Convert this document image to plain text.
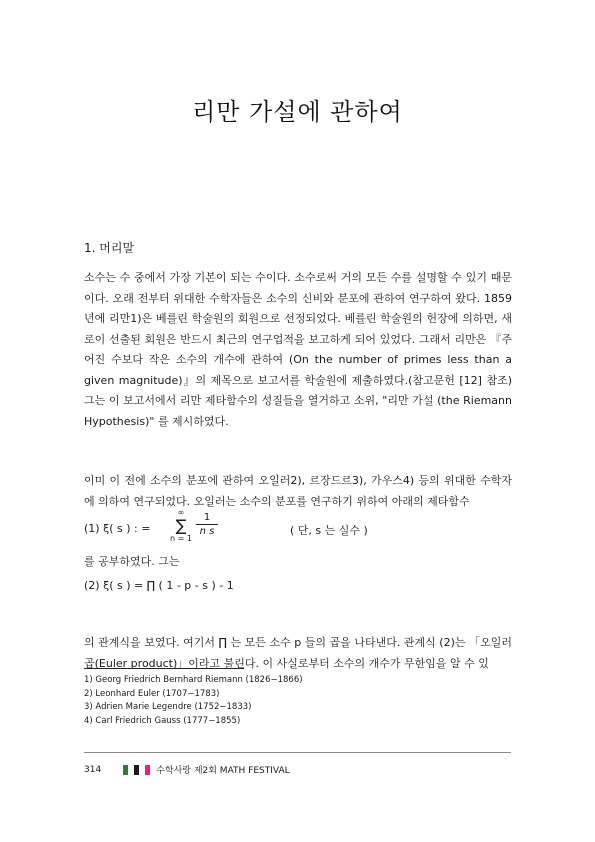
리만 가설에 관하여
1. 머리말

소수는 수 중에서 가장 기본이 되는 수이다. 소수로써 거의 모든 수를 설명할 수 있기 때문이다. 오래 전부터 위대한 수학자들은 소수의 신비와 분포에 관하여 연구하여 왔다. 1859년에 리만1)은 베를린 학술원의 회원으로 선정되었다. 베를린 학술원의 헌장에 의하면, 새로이 선출된 회원은 반드시 최근의 연구업적을 보고하게 되어 있었다. 그래서 리만은 『주어진 수보다 작은 소수의 개수에 관하여 (On the number of primes less than a given magnitude)』의 제목으로 보고서를 학술원에 제출하였다.(참고문헌 [12] 참조) 그는 이 보고서에서 리만 제타함수의 성질들을 열거하고 소위, "리만 가설 (the Riemann Hypothesis)" 를 제시하였다.

이미 이 전에 소수의 분포에 관하여 오일러2), 르장드르3), 가우스4) 등의 위대한 수학자에 의하여 연구되었다. 오일러는 소수의 분포를 연구하기 위하여 아래의 제타함수

(1) ξ( s ) : =
∞
∑
n = 1
$\frac{1}{\text{n s}}$	( 단, s 는 실수 )

를 공부하였다. 그는

(2) ξ( s ) = ∏ ( 1 - p - s ) - 1

의 관계식을 보였다. 여기서 ∏ 는 모든 소수 p 들의 곱을 나타낸다. 관계식 (2)는 「오일러 곱(Euler product)」이라고 불린다. 이 사실로부터 소수의 개수가 무한임을 알 수 있

1) Georg Friedrich Bernhard Riemann (1826−1866)
2) Leonhard Euler (1707−1783)
3) Adrien Marie Legendre (1752−1833)
4) Carl Friedrich Gauss (1777−1855)
314	수학사랑 제2회 MATH FESTIVAL
